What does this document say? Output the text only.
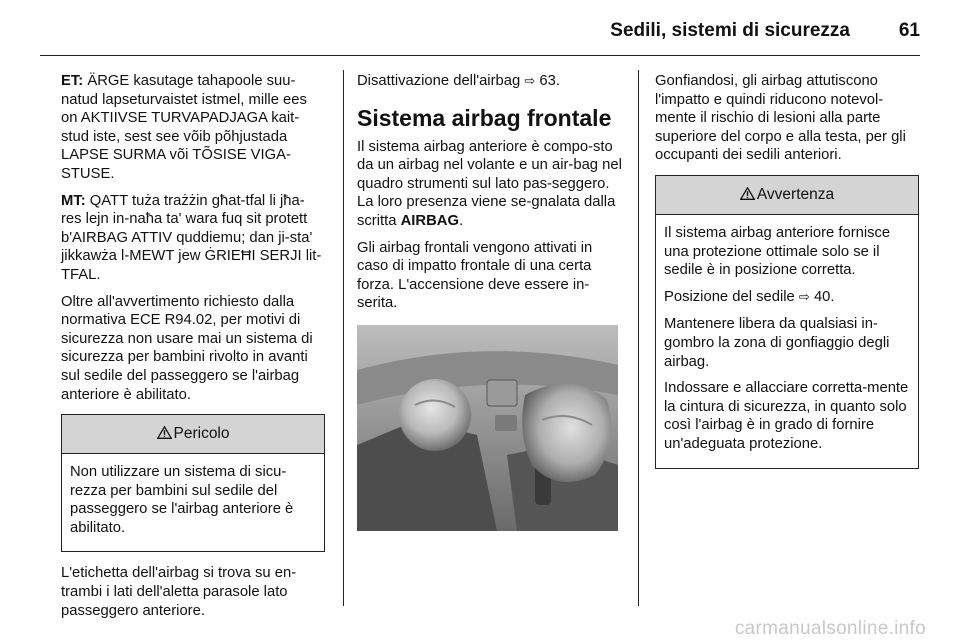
Sedili, sistemi di sicurezza	61

ET: ÄRGE kasutage tahapoole suu-natud lapseturvaistet istmel, mille ees on AKTIIVSE TURVAPADJAGA kait-stud iste, sest see võib põhjustada LAPSE SURMA või TÕSISE VIGA-STUSE.

MT: QATT tuża trażżin għat-tfal li jħa-res lejn in-naħa ta' wara fuq sit protett b'AIRBAG ATTIV quddiemu; dan ji-sta' jikkawża l-MEWT jew ĠRIEĦI SERJI lit-TFAL.

Oltre all'avvertimento richiesto dalla normativa ECE R94.02, per motivi di sicurezza non usare mai un sistema di sicurezza per bambini rivolto in avanti sul sedile del passeggero se l'airbag anteriore è abilitato.

Pericolo

Non utilizzare un sistema di sicu-rezza per bambini sul sedile del passeggero se l'airbag anteriore è abilitato.

L'etichetta dell'airbag si trova su en-trambi i lati dell'aletta parasole lato passeggero anteriore.

Disattivazione dell'airbag ⇨ 63.

Sistema airbag frontale

Il sistema airbag anteriore è compo-sto da un airbag nel volante e un air-bag nel quadro strumenti sul lato pas-seggero. La loro presenza viene se-gnalata dalla scritta AIRBAG.

Gli airbag frontali vengono attivati in caso di impatto frontale di una certa forza. L'accensione deve essere in-serita.

Gonfiandosi, gli airbag attutiscono l'impatto e quindi riducono notevol-mente il rischio di lesioni alla parte superiore del corpo e alla testa, per gli occupanti dei sedili anteriori.

Avvertenza

Il sistema airbag anteriore fornisce una protezione ottimale solo se il sedile è in posizione corretta.

Posizione del sedile ⇨ 40.

Mantenere libera da qualsiasi in-gombro la zona di gonfiaggio degli airbag.

Indossare e allacciare corretta-mente la cintura di sicurezza, in quanto solo così l'airbag è in grado di fornire un'adeguata protezione.

carmanualsonline.info
